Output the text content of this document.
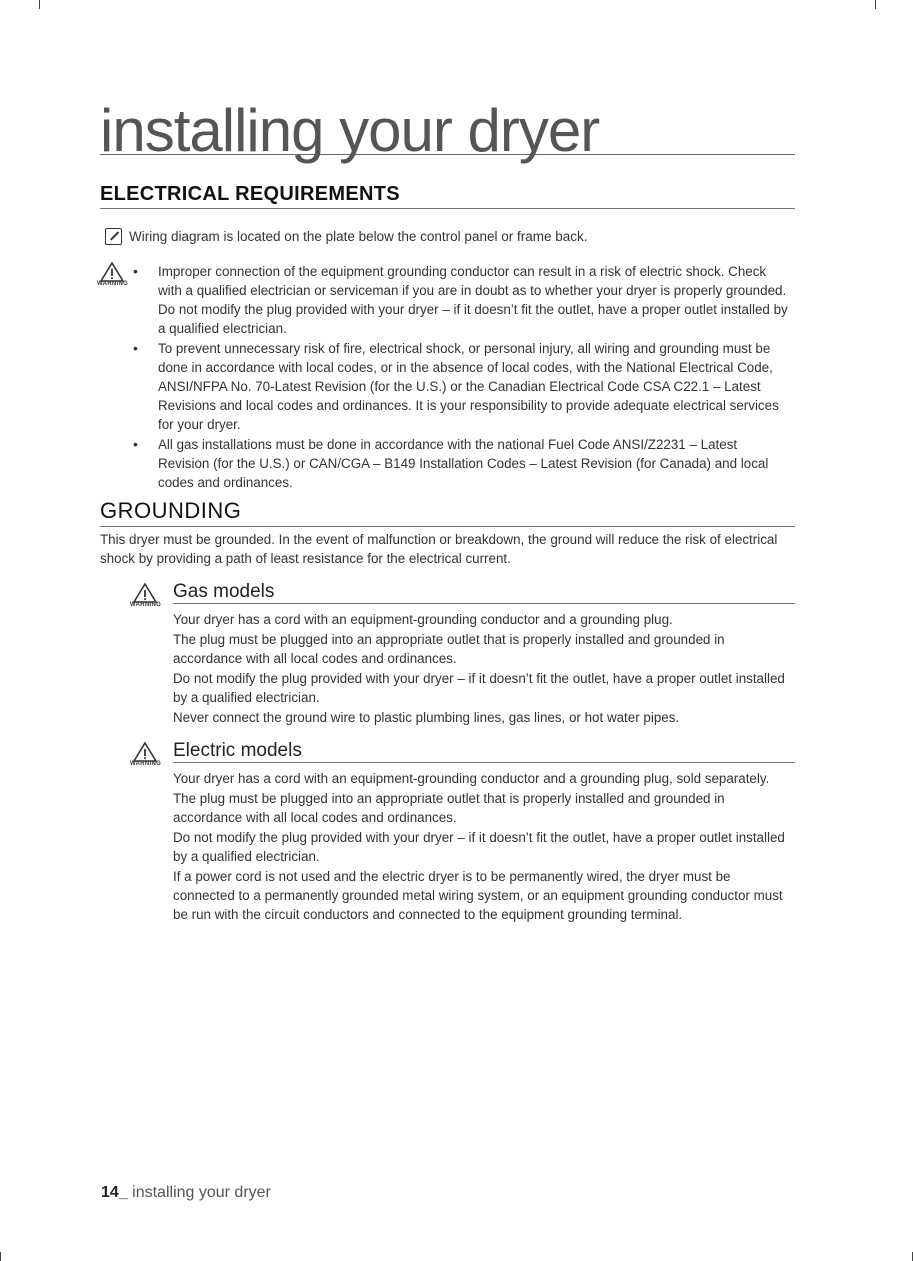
installing your dryer
ELECTRICAL REQUIREMENTS
Wiring diagram is located on the plate below the control panel or frame back.
WARNING
• Improper connection of the equipment grounding conductor can result in a risk of electric shock. Check with a qualified electrician or serviceman if you are in doubt as to whether your dryer is properly grounded. Do not modify the plug provided with your dryer – if it doesn’t fit the outlet, have a proper outlet installed by a qualified electrician.
• To prevent unnecessary risk of fire, electrical shock, or personal injury, all wiring and grounding must be done in accordance with local codes, or in the absence of local codes, with the National Electrical Code, ANSI/NFPA No. 70-Latest Revision (for the U.S.) or the Canadian Electrical Code CSA C22.1 – Latest Revisions and local codes and ordinances. It is your responsibility to provide adequate electrical services for your dryer.
• All gas installations must be done in accordance with the national Fuel Code ANSI/Z2231 – Latest Revision (for the U.S.) or CAN/CGA – B149 Installation Codes – Latest Revision (for Canada) and local codes and ordinances.
GROUNDING
This dryer must be grounded. In the event of malfunction or breakdown, the ground will reduce the risk of electrical shock by providing a path of least resistance for the electrical current.
WARNING
Gas models

Your dryer has a cord with an equipment-grounding conductor and a grounding plug.

The plug must be plugged into an appropriate outlet that is properly installed and grounded in accordance with all local codes and ordinances.

Do not modify the plug provided with your dryer – if it doesn’t fit the outlet, have a proper outlet installed by a qualified electrician.

Never connect the ground wire to plastic plumbing lines, gas lines, or hot water pipes.

WARNING
Electric models

Your dryer has a cord with an equipment-grounding conductor and a grounding plug, sold separately.

The plug must be plugged into an appropriate outlet that is properly installed and grounded in accordance with all local codes and ordinances.

Do not modify the plug provided with your dryer – if it doesn’t fit the outlet, have a proper outlet installed by a qualified electrician.

If a power cord is not used and the electric dryer is to be permanently wired, the dryer must be connected to a permanently grounded metal wiring system, or an equipment grounding conductor must be run with the circuit conductors and connected to the equipment grounding terminal.

14_ installing your dryer
